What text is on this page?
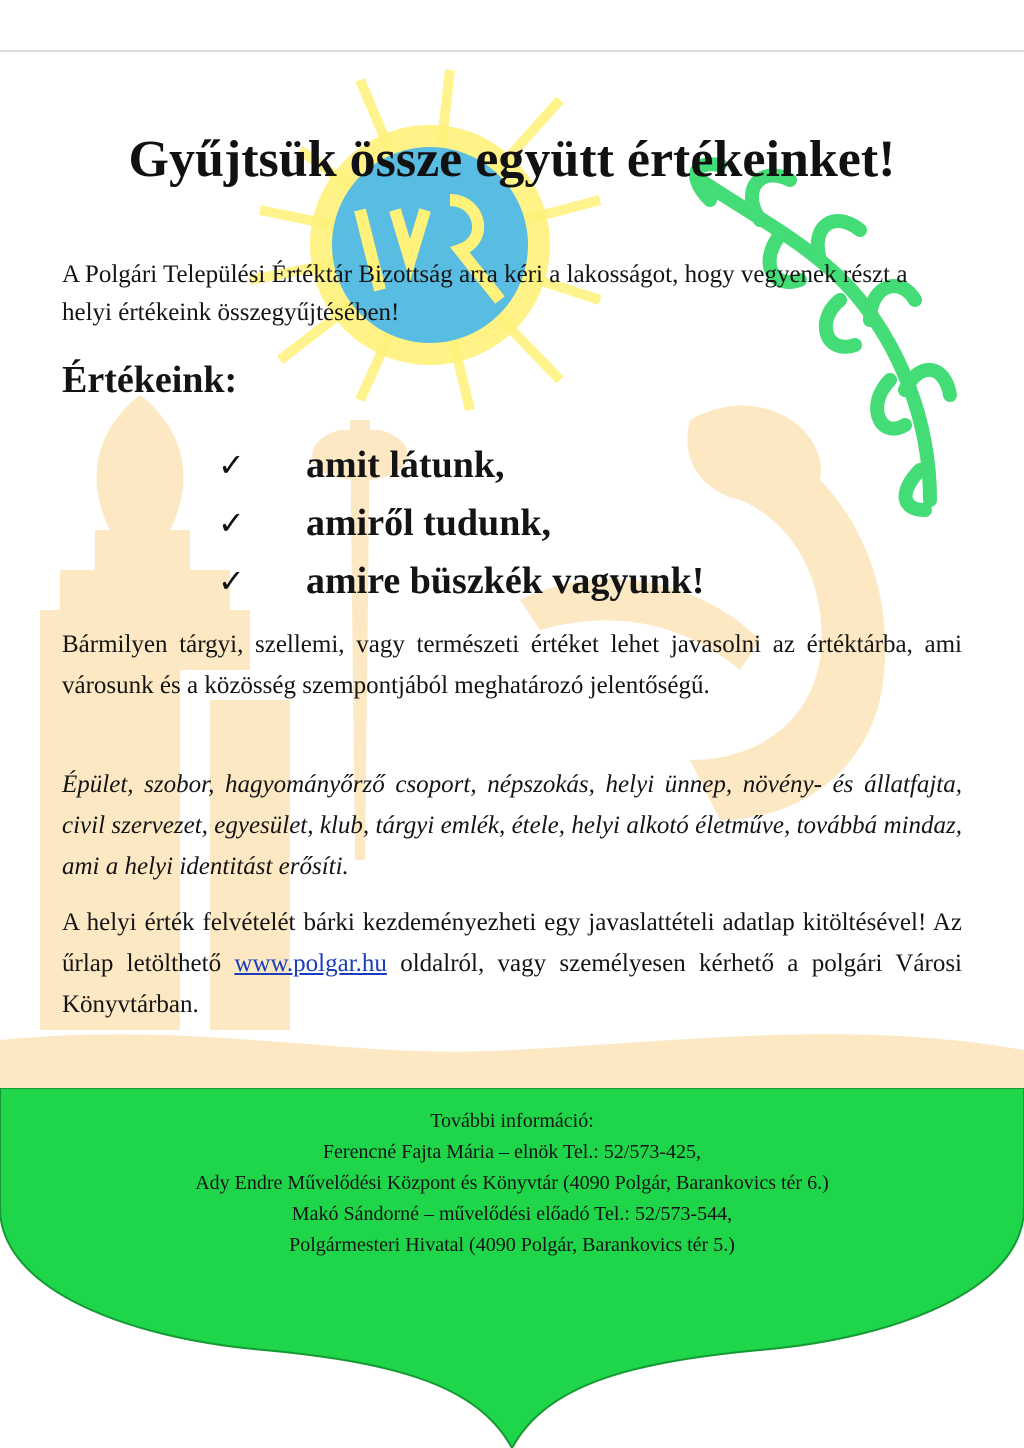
Gyűjtsük össze együtt értékeinket!

A Polgári Települési Értéktár Bizottság arra kéri a lakosságot, hogy vegyenek részt a helyi értékeink összegyűjtésében!

Értékeink:
✓	amit látunk,
✓	amiről tudunk,
✓	amire büszkék vagyunk!

Bármilyen tárgyi, szellemi, vagy természeti értéket lehet javasolni az értéktárba, ami városunk és a közösség szempontjából meghatározó jelentőségű.

Épület, szobor, hagyományőrző csoport, népszokás, helyi ünnep, növény- és állatfajta, civil szervezet, egyesület, klub, tárgyi emlék, étele, helyi alkotó életműve, továbbá mindaz, ami a helyi identitást erősíti.

A helyi érték felvételét bárki kezdeményezheti egy javaslattételi adatlap kitöltésével! Az űrlap letölthető www.polgar.hu oldalról, vagy személyesen kérhető a polgári Városi Könyvtárban.

További információ:
Ferencné Fajta Mária – elnök Tel.: 52/573-425,
Ady Endre Művelődési Központ és Könyvtár (4090 Polgár, Barankovics tér 6.)
Makó Sándorné – művelődési előadó Tel.: 52/573-544,
Polgármesteri Hivatal (4090 Polgár, Barankovics tér 5.)
